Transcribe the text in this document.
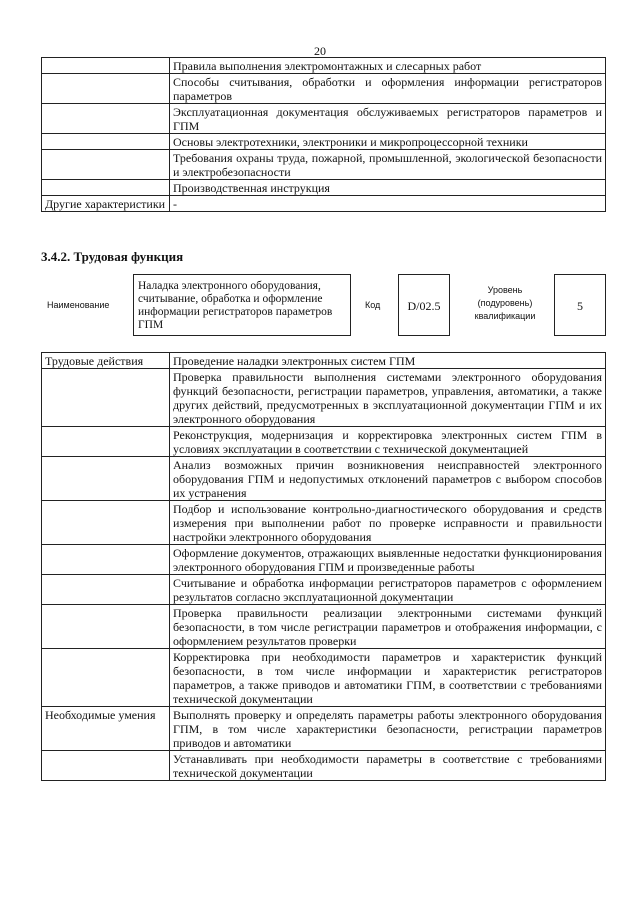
20
	Правила выполнения электромонтажных и слесарных работ
	Способы считывания, обработки и оформления информации регистраторов параметров
	Эксплуатационная документация обслуживаемых регистраторов параметров и ГПМ
	Основы электротехники, электроники и микропроцессорной техники
	Требования охраны труда, пожарной, промышленной, экологической безопасности и электробезопасности
	Производственная инструкция
Другие характеристики	-
3.4.2. Трудовая функция
Наименование
Наладка электронного оборудования, считывание, обработка и оформление информации регистраторов параметров ГПМ
Код	D/02.5
Уровень (подуровень) квалификации
5
Трудовые действия	Проведение наладки электронных систем ГПМ
	Проверка правильности выполнения системами электронного оборудования функций безопасности, регистрации параметров, управления, автоматики, а также других действий, предусмотренных в эксплуатационной документации ГПМ и их электронного оборудования
	Реконструкция, модернизация и корректировка электронных систем ГПМ в условиях эксплуатации в соответствии с технической документацией
	Анализ возможных причин возникновения неисправностей электронного оборудования ГПМ и недопустимых отклонений параметров с выбором способов их устранения
	Подбор и использование контрольно-диагностического оборудования и средств измерения при выполнении работ по проверке исправности и правильности настройки электронного оборудования
	Оформление документов, отражающих выявленные недостатки функционирования электронного оборудования ГПМ и произведенные работы
	Считывание и обработка информации регистраторов параметров с оформлением результатов согласно эксплуатационной документации
	Проверка правильности реализации электронными системами функций безопасности, в том числе регистрации параметров и отображения информации, с оформлением результатов проверки
	Корректировка при необходимости параметров и характеристик функций безопасности, в том числе информации и характеристик регистраторов параметров, а также приводов и автоматики ГПМ, в соответствии с требованиями технической документации
Необходимые умения	Выполнять проверку и определять параметры работы электронного оборудования ГПМ, в том числе характеристики безопасности, регистрации параметров приводов и автоматики
	Устанавливать при необходимости параметры в соответствие с требованиями технической документации
